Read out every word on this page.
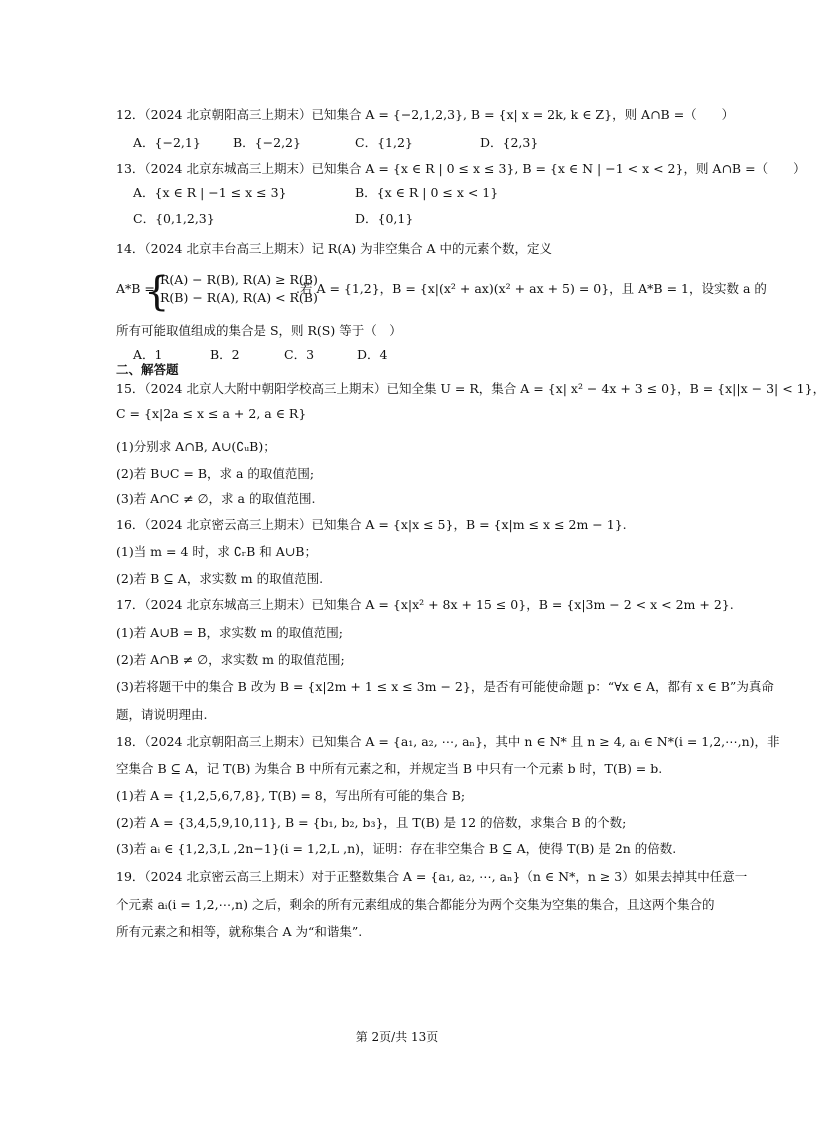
12．（2024 北京朝阳高三上期末）已知集合 A = {−2,1,2,3}, B = {x| x = 2k, k ∈ Z}，则 A∩B =（　　）
A．{−2,1}	B．{−2,2}	C．{1,2}	D．{2,3}
13．（2024 北京东城高三上期末）已知集合 A = {x ∈ R | 0 ≤ x ≤ 3}, B = {x ∈ N | −1 < x < 2}，则 A∩B =（　　）
A．{x ∈ R | −1 ≤ x ≤ 3}	B．{x ∈ R | 0 ≤ x < 1}
C．{0,1,2,3}	D．{0,1}
14．（2024 北京丰台高三上期末）记 R(A) 为非空集合 A 中的元素个数，定义
A*B =
{
R(A) − R(B), R(A) ≥ R(B)
R(B) − R(A), R(A) < R(B)
.若 A = {1,2}，B = {x|(x² + ax)(x² + ax + 5) = 0}，且 A*B = 1，设实数 a 的
所有可能取值组成的集合是 S，则 R(S) 等于（　）
A．1	B．2	C．3	D．4
二、解答题
15．（2024 北京人大附中朝阳学校高三上期末）已知全集 U = R，集合 A = {x| x² − 4x + 3 ≤ 0}，B = {x||x − 3| < 1}，
C = {x|2a ≤ x ≤ a + 2, a ∈ R}
(1)分别求 A∩B, A∪(∁ᵤB)；
(2)若 B∪C = B，求 a 的取值范围;
(3)若 A∩C ≠ ∅，求 a 的取值范围.
16．（2024 北京密云高三上期末）已知集合 A = {x|x ≤ 5}，B = {x|m ≤ x ≤ 2m − 1}.
(1)当 m = 4 时，求 ∁ᵣB 和 A∪B；
(2)若 B ⊆ A，求实数 m 的取值范围.
17．（2024 北京东城高三上期末）已知集合 A = {x|x² + 8x + 15 ≤ 0}，B = {x|3m − 2 < x < 2m + 2}.
(1)若 A∪B = B，求实数 m 的取值范围;
(2)若 A∩B ≠ ∅，求实数 m 的取值范围;
(3)若将题干中的集合 B 改为 B = {x|2m + 1 ≤ x ≤ 3m − 2}，是否有可能使命题 p：“∀x ∈ A，都有 x ∈ B”为真命
题，请说明理由.
18．（2024 北京朝阳高三上期末）已知集合 A = {a₁, a₂, ⋯, aₙ}，其中 n ∈ N* 且 n ≥ 4, aᵢ ∈ N*(i = 1,2,⋯,n)，非
空集合 B ⊆ A，记 T(B) 为集合 B 中所有元素之和，并规定当 B 中只有一个元素 b 时，T(B) = b.
(1)若 A = {1,2,5,6,7,8}, T(B) = 8，写出所有可能的集合 B;
(2)若 A = {3,4,5,9,10,11}, B = {b₁, b₂, b₃}，且 T(B) 是 12 的倍数，求集合 B 的个数;
(3)若 aᵢ ∈ {1,2,3,L ,2n−1}(i = 1,2,L ,n)，证明：存在非空集合 B ⊆ A，使得 T(B) 是 2n 的倍数.
19．（2024 北京密云高三上期末）对于正整数集合 A = {a₁, a₂, ⋯, aₙ}（n ∈ N*，n ≥ 3）如果去掉其中任意一
个元素 aᵢ(i = 1,2,⋯,n) 之后，剩余的所有元素组成的集合都能分为两个交集为空集的集合，且这两个集合的
所有元素之和相等，就称集合 A 为“和谐集”.
第 2页/共 13页
